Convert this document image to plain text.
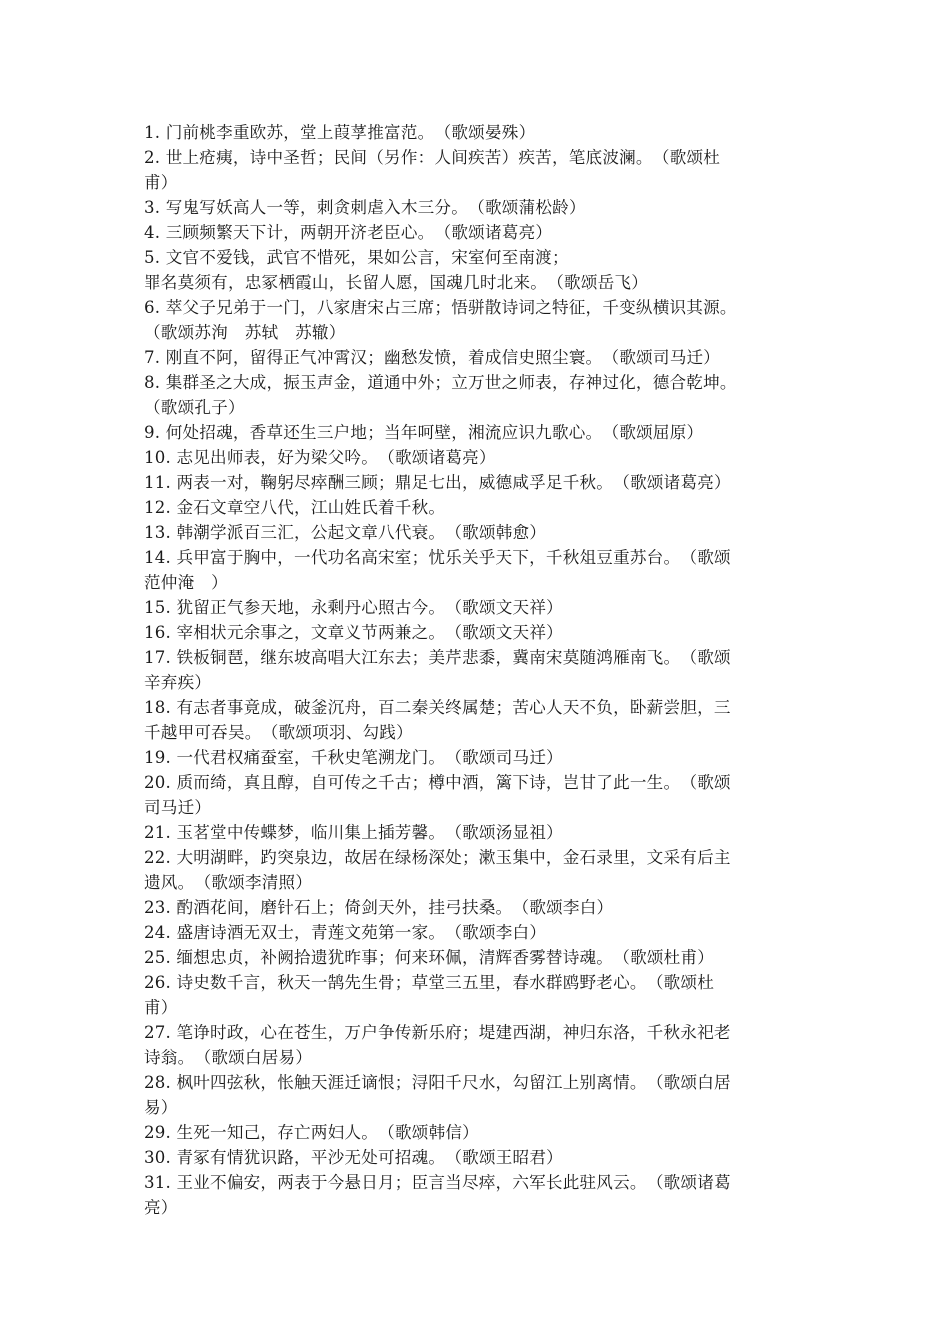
1. 门前桃李重欧苏，堂上葭莩推富范。　（歌颂晏殊）
2. 世上疮痍，诗中圣哲；民间（另作：人间疾苦）疾苦，笔底波澜。　（歌颂杜
甫）
3. 写鬼写妖高人一等，刺贪刺虐入木三分。　（歌颂蒲松龄）
4. 三顾频繁天下计，两朝开济老臣心。　（歌颂诸葛亮）
5. 文官不爱钱，武官不惜死，果如公言，宋室何至南渡；
罪名莫须有，忠冢栖霞山，长留人愿，国魂几时北来。　（歌颂岳飞）
6. 萃父子兄弟于一门，八家唐宋占三席；悟骈散诗词之特征，千变纵横识其源。
（歌颂苏洵　苏轼　苏辙）
7. 刚直不阿，留得正气冲霄汉；幽愁发愤，着成信史照尘寰。　（歌颂司马迁）
8. 集群圣之大成，振玉声金，道通中外；立万世之师表，存神过化，德合乾坤。
（歌颂孔子）
9. 何处招魂，香草还生三户地；当年呵壁，湘流应识九歌心。　（歌颂屈原）
10. 志见出师表，好为梁父吟。　（歌颂诸葛亮）
11. 两表一对，鞠躬尽瘁酬三顾；鼎足七出，威德咸孚足千秋。　（歌颂诸葛亮）
12. 金石文章空八代，江山姓氏着千秋。
13. 韩潮学派百三汇，公起文章八代衰。　（歌颂韩愈）
14. 兵甲富于胸中，一代功名高宋室；忧乐关乎天下，千秋俎豆重苏台。　（歌颂
范仲淹　）
15. 犹留正气参天地，永剩丹心照古今。　（歌颂文天祥）
16. 宰相状元余事之，文章义节两兼之。　（歌颂文天祥）
17. 铁板铜琶，继东坡高唱大江东去；美芹悲黍，冀南宋莫随鸿雁南飞。　（歌颂
辛弃疾）
18. 有志者事竟成，破釜沉舟，百二秦关终属楚；苦心人天不负，卧薪尝胆，三
千越甲可吞吴。　（歌颂项羽、勾践）
19. 一代君权痛蚕室，千秋史笔溯龙门。　（歌颂司马迁）
20. 质而绮，真且醇，自可传之千古；樽中酒，篱下诗，岂甘了此一生。　（歌颂
司马迁）
21. 玉茗堂中传蝶梦，临川集上插芳馨。　（歌颂汤显祖）
22. 大明湖畔，趵突泉边，故居在绿杨深处；漱玉集中，金石录里，文采有后主
遗风。　（歌颂李清照）
23. 酌酒花间，磨针石上；倚剑天外，挂弓扶桑。　（歌颂李白）
24. 盛唐诗酒无双士，青莲文苑第一家。　（歌颂李白）
25. 缅想忠贞，补阙拾遗犹昨事；何来环佩，清辉香雾替诗魂。　（歌颂杜甫）
26. 诗史数千言，秋天一鹄先生骨；草堂三五里，春水群鸥野老心。　（歌颂杜
甫）
27. 笔诤时政，心在苍生，万户争传新乐府；堤建西湖，神归东洛，千秋永祀老
诗翁。　（歌颂白居易）
28. 枫叶四弦秋，怅触天涯迁谪恨；浔阳千尺水，勾留江上别离情。　（歌颂白居
易）
29. 生死一知己，存亡两妇人。　（歌颂韩信）
30. 青冢有情犹识路，平沙无处可招魂。　（歌颂王昭君）
31. 王业不偏安，两表于今悬日月；臣言当尽瘁，六军长此驻风云。　（歌颂诸葛
亮）
